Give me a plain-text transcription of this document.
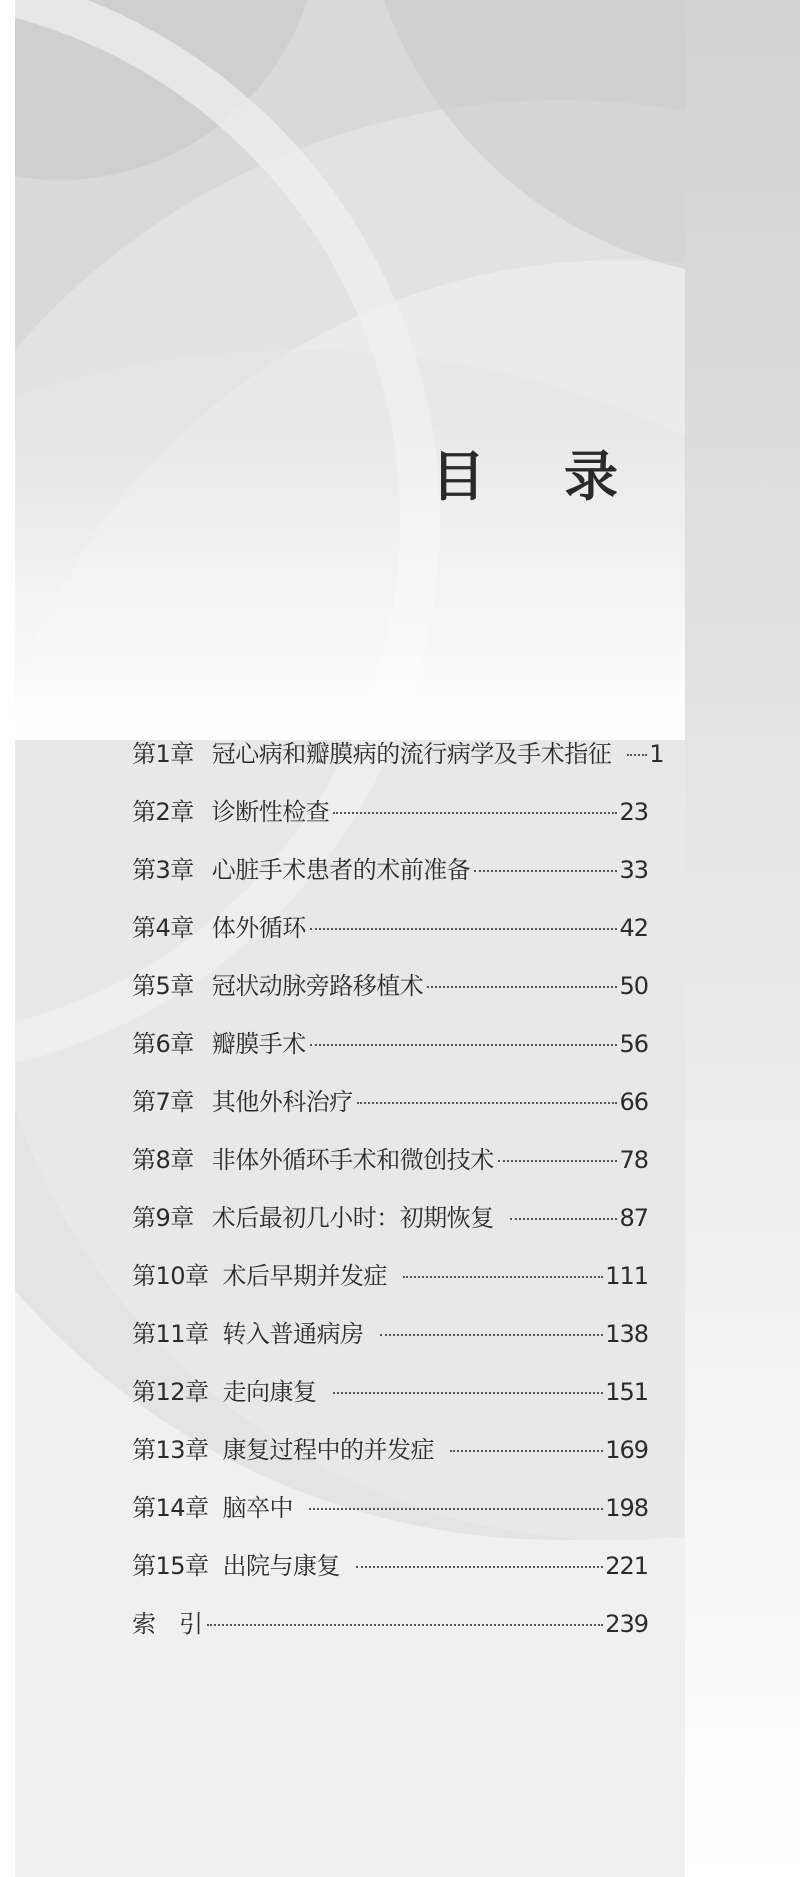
目 录
第1章 冠心病和瓣膜病的流行病学及手术指征 1
第2章 诊断性检查	23
第3章 心脏手术患者的术前准备	33
第4章 体外循环	42
第5章 冠状动脉旁路移植术	50
第6章 瓣膜手术	56
第7章 其他外科治疗	66
第8章 非体外循环手术和微创技术	78
第9章 术后最初几小时：初期恢复	87
第10章 术后早期并发症	111
第11章 转入普通病房	138
第12章 走向康复	151
第13章 康复过程中的并发症	169
第14章 脑卒中	198
第15章 出院与康复	221
索　引	239
